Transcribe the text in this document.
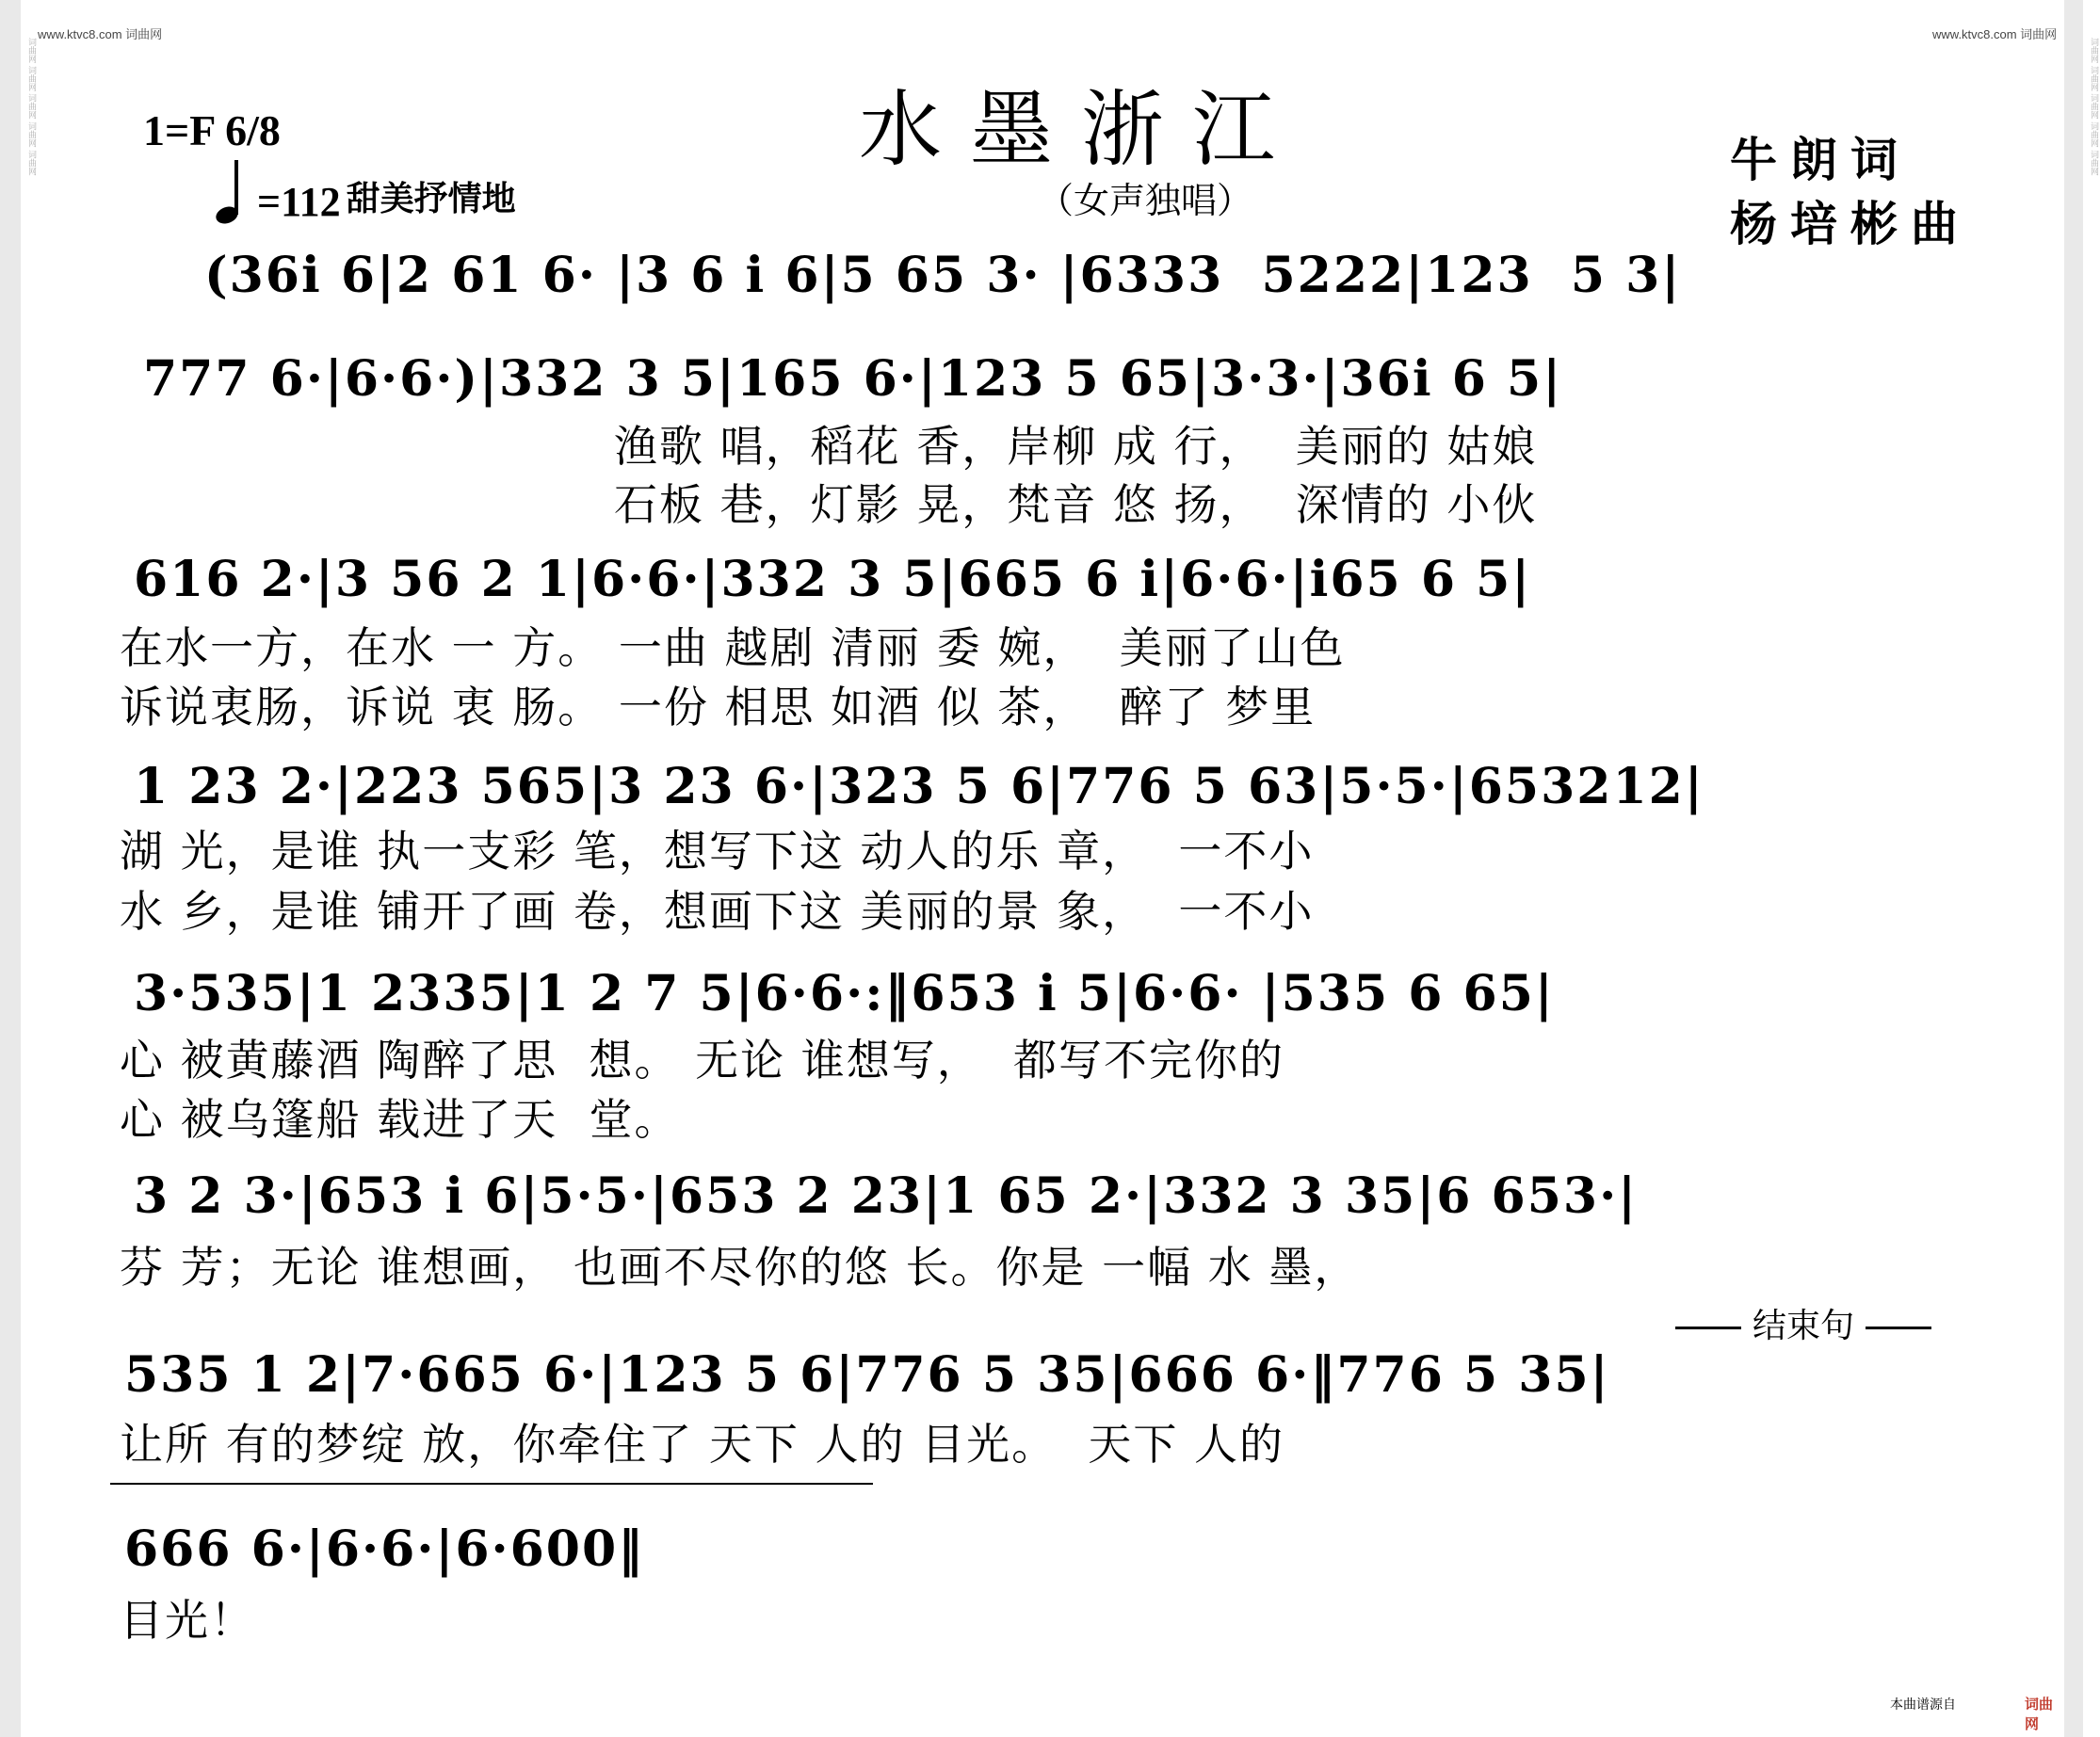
词曲网 词曲网 词曲网 词曲网 词曲网	词曲网 词曲网 词曲网 词曲网 词曲网
www.ktvc8.com 词曲网	www.ktvc8.com 词曲网
1=F 6/8
=112 甜美抒情地
水墨浙江
（女声独唱）
牛朗词
杨培彬曲
(36i 6|2 61 6· |3 6 i 6|5 65 3· |6333  5222|123  5 3|
777 6·|6·6·)|332 3 5|165 6·|123 5 65|3·3·|36i 6 5|
渔歌 唱，稻花 香，岸柳 成 行，  美丽的 姑娘
石板 巷，灯影 晃，梵音 悠 扬，  深情的 小伙
616 2·|3 56 2 1|6·6·|332 3 5|665 6 i|6·6·|i65 6 5|
在水一方，在水 一 方。 一曲 越剧 清丽 委 婉，  美丽了山色
诉说衷肠，诉说 衷 肠。 一份 相思 如酒 似 茶，  醉了 梦里
1 23 2·|223 565|3 23 6·|323 5 6|776 5 63|5·5·|653212|
湖 光，是谁 执一支彩 笔，想写下这 动人的乐 章，  一不小
水 乡，是谁 铺开了画 卷，想画下这 美丽的景 象，  一不小
3·535|1 2335|1 2 7 5|6·6·:‖653 i 5|6·6· |535 6 65|
心 被黄藤酒 陶醉了思  想。 无论 谁想写，  都写不完你的
心 被乌篷船 载进了天  堂。
3 2 3·|653 i 6|5·5·|653 2 23|1 65 2·|332 3 35|6 653·|
芬 芳；无论 谁想画， 也画不尽你的悠 长。你是 一幅 水 墨，
结束句
535 1 2|7·665 6·|123 5 6|776 5 35|666 6·‖776 5 35|
让所 有的梦绽 放，你牵住了 天下 人的 目光。  天下 人的
666 6·|6·6·|6·600‖
目光！
本曲谱源自	词曲网
